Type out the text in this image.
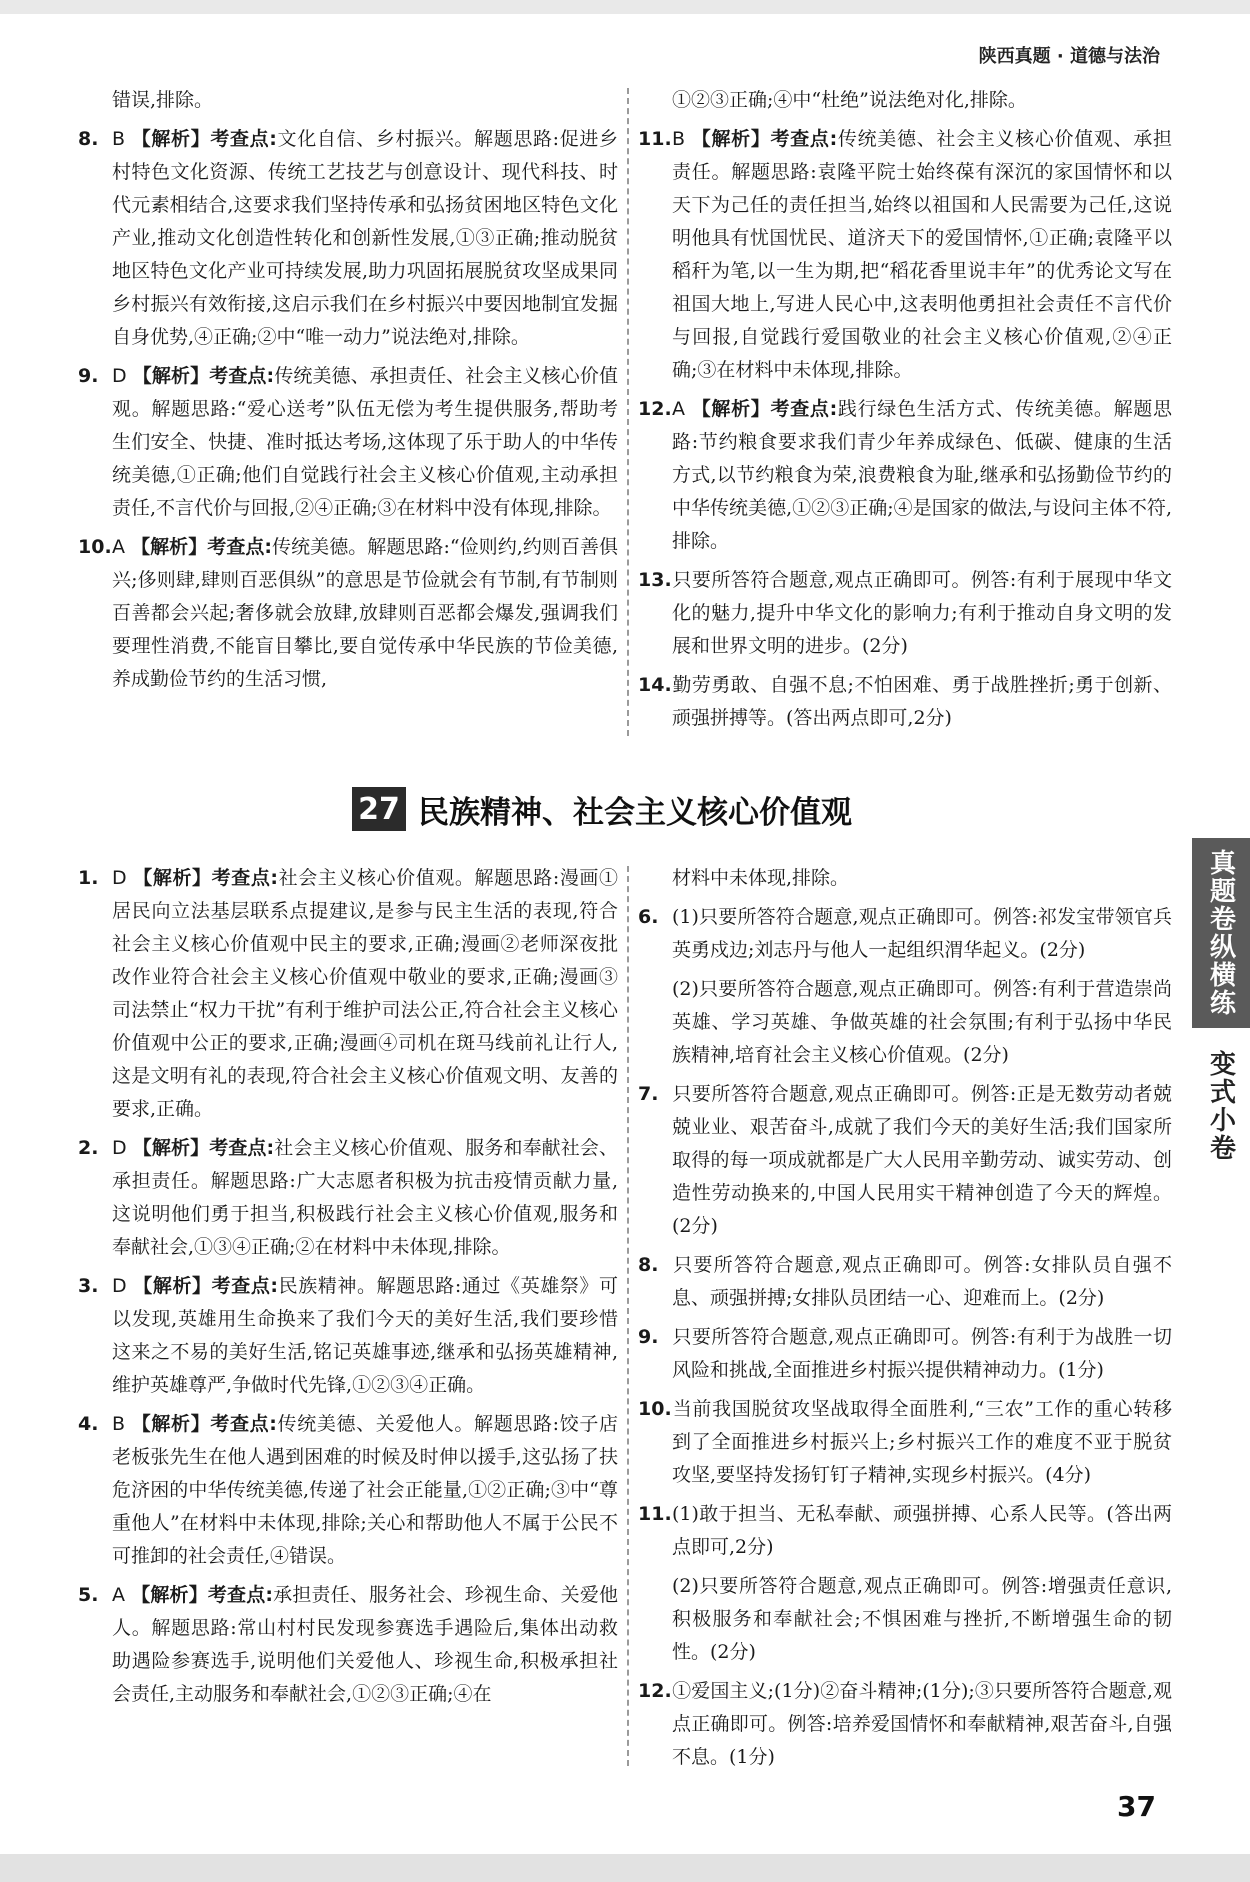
陕西真题 · 道德与法治
错误,排除。
8. B 【解析】考查点:文化自信、乡村振兴。解题思路:促进乡村特色文化资源、传统工艺技艺与创意设计、现代科技、时代元素相结合,这要求我们坚持传承和弘扬贫困地区特色文化产业,推动文化创造性转化和创新性发展,①③正确;推动脱贫地区特色文化产业可持续发展,助力巩固拓展脱贫攻坚成果同乡村振兴有效衔接,这启示我们在乡村振兴中要因地制宜发掘自身优势,④正确;②中“唯一动力”说法绝对,排除。
9. D 【解析】考查点:传统美德、承担责任、社会主义核心价值观。解题思路:“爱心送考”队伍无偿为考生提供服务,帮助考生们安全、快捷、准时抵达考场,这体现了乐于助人的中华传统美德,①正确;他们自觉践行社会主义核心价值观,主动承担责任,不言代价与回报,②④正确;③在材料中没有体现,排除。
10.A 【解析】考查点:传统美德。解题思路:“俭则约,约则百善俱兴;侈则肆,肆则百恶俱纵”的意思是节俭就会有节制,有节制则百善都会兴起;奢侈就会放肆,放肆则百恶都会爆发,强调我们要理性消费,不能盲目攀比,要自觉传承中华民族的节俭美德,养成勤俭节约的生活习惯,
①②③正确;④中“杜绝”说法绝对化,排除。
11.B 【解析】考查点:传统美德、社会主义核心价值观、承担责任。解题思路:袁隆平院士始终葆有深沉的家国情怀和以天下为己任的责任担当,始终以祖国和人民需要为己任,这说明他具有忧国忧民、道济天下的爱国情怀,①正确;袁隆平以稻秆为笔,以一生为期,把“稻花香里说丰年”的优秀论文写在祖国大地上,写进人民心中,这表明他勇担社会责任不言代价与回报,自觉践行爱国敬业的社会主义核心价值观,②④正确;③在材料中未体现,排除。
12.A 【解析】考查点:践行绿色生活方式、传统美德。解题思路:节约粮食要求我们青少年养成绿色、低碳、健康的生活方式,以节约粮食为荣,浪费粮食为耻,继承和弘扬勤俭节约的中华传统美德,①②③正确;④是国家的做法,与设问主体不符,排除。
13.只要所答符合题意,观点正确即可。例答:有利于展现中华文化的魅力,提升中华文化的影响力;有利于推动自身文明的发展和世界文明的进步。(2分)
14.勤劳勇敢、自强不息;不怕困难、勇于战胜挫折;勇于创新、顽强拼搏等。(答出两点即可,2分)
27 民族精神、社会主义核心价值观
1. D 【解析】考查点:社会主义核心价值观。解题思路:漫画①居民向立法基层联系点提建议,是参与民主生活的表现,符合社会主义核心价值观中民主的要求,正确;漫画②老师深夜批改作业符合社会主义核心价值观中敬业的要求,正确;漫画③司法禁止“权力干扰”有利于维护司法公正,符合社会主义核心价值观中公正的要求,正确;漫画④司机在斑马线前礼让行人,这是文明有礼的表现,符合社会主义核心价值观文明、友善的要求,正确。
2. D 【解析】考查点:社会主义核心价值观、服务和奉献社会、承担责任。解题思路:广大志愿者积极为抗击疫情贡献力量,这说明他们勇于担当,积极践行社会主义核心价值观,服务和奉献社会,①③④正确;②在材料中未体现,排除。
3. D 【解析】考查点:民族精神。解题思路:通过《英雄祭》可以发现,英雄用生命换来了我们今天的美好生活,我们要珍惜这来之不易的美好生活,铭记英雄事迹,继承和弘扬英雄精神,维护英雄尊严,争做时代先锋,①②③④正确。
4. B 【解析】考查点:传统美德、关爱他人。解题思路:饺子店老板张先生在他人遇到困难的时候及时伸以援手,这弘扬了扶危济困的中华传统美德,传递了社会正能量,①②正确;③中“尊重他人”在材料中未体现,排除;关心和帮助他人不属于公民不可推卸的社会责任,④错误。
5. A 【解析】考查点:承担责任、服务社会、珍视生命、关爱他人。解题思路:常山村村民发现参赛选手遇险后,集体出动救助遇险参赛选手,说明他们关爱他人、珍视生命,积极承担社会责任,主动服务和奉献社会,①②③正确;④在
材料中未体现,排除。
6. (1)只要所答符合题意,观点正确即可。例答:祁发宝带领官兵英勇戍边;刘志丹与他人一起组织渭华起义。(2分)
(2)只要所答符合题意,观点正确即可。例答:有利于营造崇尚英雄、学习英雄、争做英雄的社会氛围;有利于弘扬中华民族精神,培育社会主义核心价值观。(2分)
7. 只要所答符合题意,观点正确即可。例答:正是无数劳动者兢兢业业、艰苦奋斗,成就了我们今天的美好生活;我们国家所取得的每一项成就都是广大人民用辛勤劳动、诚实劳动、创造性劳动换来的,中国人民用实干精神创造了今天的辉煌。(2分)
8. 只要所答符合题意,观点正确即可。例答:女排队员自强不息、顽强拼搏;女排队员团结一心、迎难而上。(2分)
9. 只要所答符合题意,观点正确即可。例答:有利于为战胜一切风险和挑战,全面推进乡村振兴提供精神动力。(1分)
10.当前我国脱贫攻坚战取得全面胜利,“三农”工作的重心转移到了全面推进乡村振兴上;乡村振兴工作的难度不亚于脱贫攻坚,要坚持发扬钉钉子精神,实现乡村振兴。(4分)
11.(1)敢于担当、无私奉献、顽强拼搏、心系人民等。(答出两点即可,2分)
(2)只要所答符合题意,观点正确即可。例答:增强责任意识,积极服务和奉献社会;不惧困难与挫折,不断增强生命的韧性。(2分)
12.①爱国主义;(1分)②奋斗精神;(1分);③只要所答符合题意,观点正确即可。例答:培养爱国情怀和奉献精神,艰苦奋斗,自强不息。(1分)
真题卷纵横练
变式小卷
37
